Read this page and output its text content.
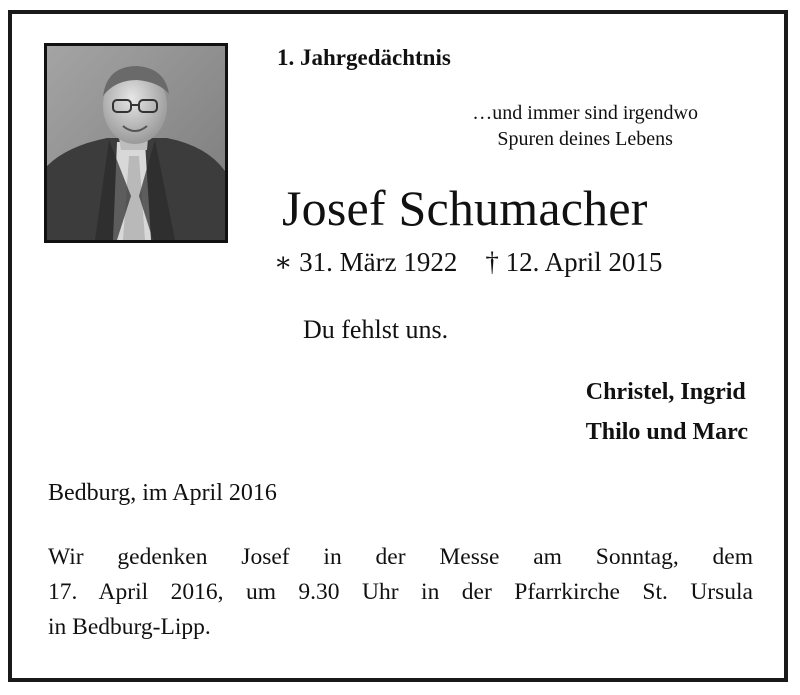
1. Jahrgedächtnis
…und immer sind irgendwo
Spuren deines Lebens
Josef Schumacher
∗ 31. März 1922 † 12. April 2015
Du fehlst uns.
Christel, Ingrid
Thilo und Marc
Bedburg, im April 2016
Wir gedenken Josef in der Messe am Sonntag, dem
17. April 2016, um 9.30 Uhr in der Pfarrkirche St. Ursula
in Bedburg-Lipp.
